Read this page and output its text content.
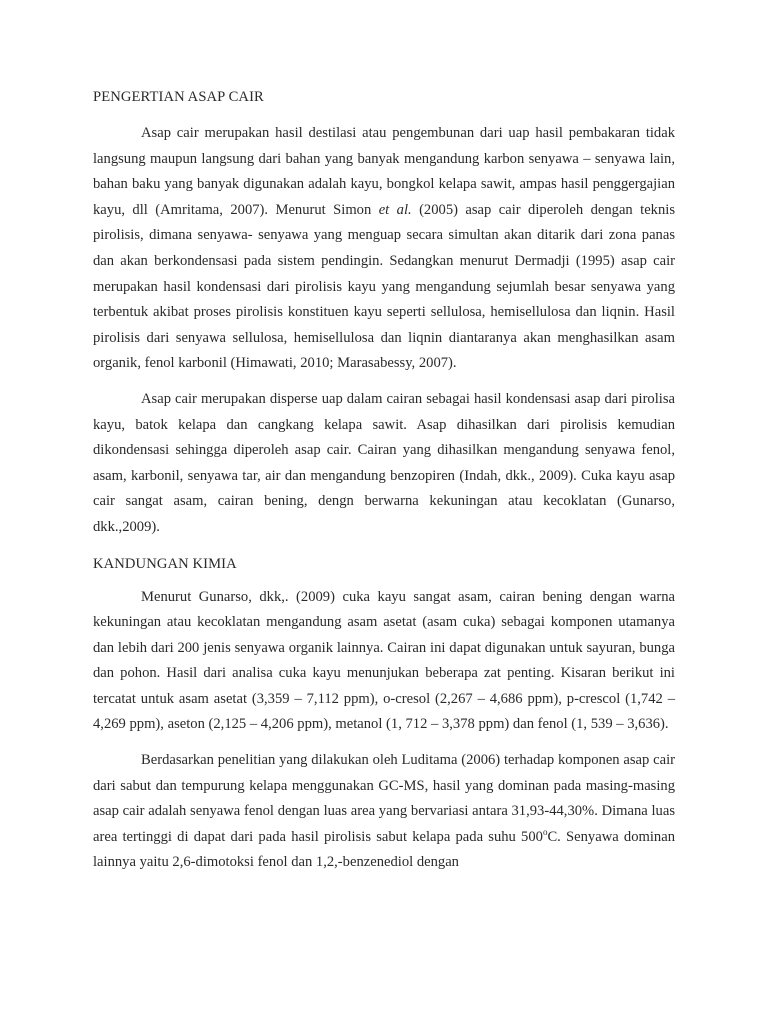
PENGERTIAN ASAP CAIR

Asap cair merupakan hasil destilasi atau pengembunan dari uap hasil pembakaran tidak langsung maupun langsung dari bahan yang banyak mengandung karbon senyawa – senyawa lain, bahan baku yang banyak digunakan adalah kayu, bongkol kelapa sawit, ampas hasil penggergajian kayu, dll (Amritama, 2007). Menurut Simon et al. (2005) asap cair diperoleh dengan teknis pirolisis, dimana senyawa- senyawa yang menguap secara simultan akan ditarik dari zona panas dan akan berkondensasi pada sistem pendingin. Sedangkan menurut Dermadji (1995) asap cair merupakan hasil kondensasi dari pirolisis kayu yang mengandung sejumlah besar senyawa yang terbentuk akibat proses pirolisis konstituen kayu seperti sellulosa, hemisellulosa dan liqnin. Hasil pirolisis dari senyawa sellulosa, hemisellulosa dan liqnin diantaranya akan menghasilkan asam organik, fenol karbonil (Himawati, 2010; Marasabessy, 2007).

Asap cair merupakan disperse uap dalam cairan sebagai hasil kondensasi asap dari pirolisa kayu, batok kelapa dan cangkang kelapa sawit. Asap dihasilkan dari pirolisis kemudian dikondensasi sehingga diperoleh asap cair. Cairan yang dihasilkan mengandung senyawa fenol, asam, karbonil, senyawa tar, air dan mengandung benzopiren (Indah, dkk., 2009). Cuka kayu asap cair sangat asam, cairan bening, dengn berwarna kekuningan atau kecoklatan (Gunarso, dkk.,2009).

KANDUNGAN KIMIA

Menurut Gunarso, dkk,. (2009) cuka kayu sangat asam, cairan bening dengan warna kekuningan atau kecoklatan mengandung asam asetat (asam cuka) sebagai komponen utamanya dan lebih dari 200 jenis senyawa organik lainnya. Cairan ini dapat digunakan untuk sayuran, bunga dan pohon. Hasil dari analisa cuka kayu menunjukan beberapa zat penting. Kisaran berikut ini tercatat untuk asam asetat (3,359 – 7,112 ppm), o-cresol (2,267 – 4,686 ppm), p-crescol (1,742 – 4,269 ppm), aseton (2,125 – 4,206 ppm), metanol (1, 712 – 3,378 ppm) dan fenol (1, 539 – 3,636).

Berdasarkan penelitian yang dilakukan oleh Luditama (2006) terhadap komponen asap cair dari sabut dan tempurung kelapa menggunakan GC-MS, hasil yang dominan pada masing-masing asap cair adalah senyawa fenol dengan luas area yang bervariasi antara 31,93-44,30%. Dimana luas area tertinggi di dapat dari pada hasil pirolisis sabut kelapa pada suhu 500$^o$C. Senyawa dominan lainnya yaitu 2,6-dimotoksi fenol dan 1,2,-benzenediol dengan
